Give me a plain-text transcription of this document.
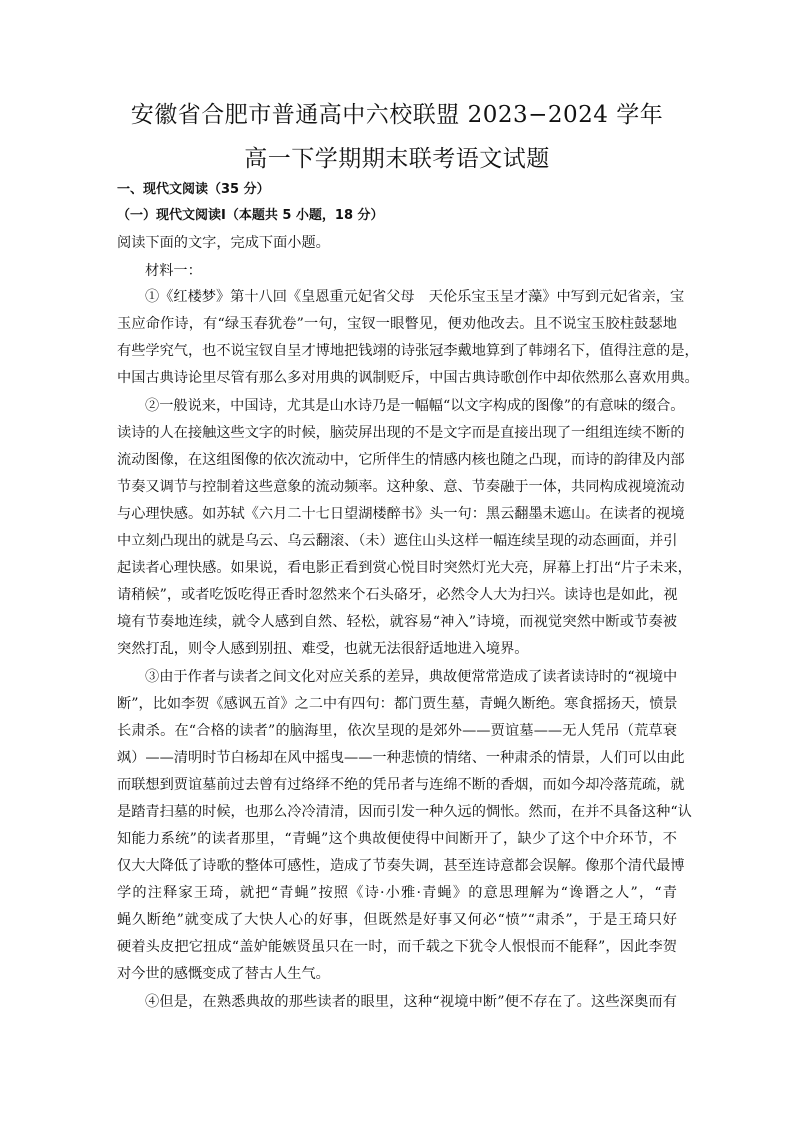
安徽省合肥市普通高中六校联盟 2023−2024 学年
高一下学期期末联考语文试题
一、现代文阅读（35 分）
（一）现代文阅读Ⅰ（本题共 5 小题，18 分）
阅读下面的文字，完成下面小题。
材料一：
①《红楼梦》第十八回《皇恩重元妃省父母　天伦乐宝玉呈才藻》中写到元妃省亲，宝
玉应命作诗，有“绿玉春犹卷”一句，宝钗一眼瞥见，便劝他改去。且不说宝玉胶柱鼓瑟地
有些学究气，也不说宝钗自呈才博地把钱翊的诗张冠李戴地算到了韩翊名下，值得注意的是，
中国古典诗论里尽管有那么多对用典的讽制贬斥，中国古典诗歌创作中却依然那么喜欢用典。
②一般说来，中国诗，尤其是山水诗乃是一幅幅“以文字构成的图像”的有意味的缀合。
读诗的人在接触这些文字的时候，脑荧屏出现的不是文字而是直接出现了一组组连续不断的
流动图像，在这组图像的依次流动中，它所伴生的情感内核也随之凸现，而诗的韵律及内部
节奏又调节与控制着这些意象的流动频率。这种象、意、节奏融于一体，共同构成视境流动
与心理快感。如苏轼《六月二十七日望湖楼醉书》头一句：黑云翻墨未遮山。在读者的视境
中立刻凸现出的就是乌云、乌云翻滚、（未）遮住山头这样一幅连续呈现的动态画面，并引
起读者心理快感。如果说，看电影正看到赏心悦目时突然灯光大亮，屏幕上打出“片子未来，
请稍候”，或者吃饭吃得正香时忽然来个石头硌牙，必然令人大为扫兴。读诗也是如此，视
境有节奏地连续，就令人感到自然、轻松，就容易“神入”诗境，而视觉突然中断或节奏被
突然打乱，则令人感到别扭、难受，也就无法很舒适地进入境界。
③由于作者与读者之间文化对应关系的差异，典故便常常造成了读者读诗时的“视境中
断”，比如李贺《感讽五首》之二中有四句：都门贾生墓，青蝇久断绝。寒食摇扬天，愤景
长肃杀。在“合格的读者”的脑海里，依次呈现的是郊外——贾谊墓——无人凭吊（荒草衰
飒）——清明时节白杨却在风中摇曳——一种悲愤的情绪、一种肃杀的情景，人们可以由此
而联想到贾谊墓前过去曾有过络绎不绝的凭吊者与连绵不断的香烟，而如今却冷落荒疏，就
是踏青扫墓的时候，也那么冷冷清清，因而引发一种久远的惆怅。然而，在并不具备这种“认
知能力系统”的读者那里，“青蝇”这个典故便使得中间断开了，缺少了这个中介环节，不
仅大大降低了诗歌的整体可感性，造成了节奏失调，甚至连诗意都会误解。像那个清代最博
学的注释家王琦，就把“青蝇”按照《诗·小雅·青蝇》的意思理解为“谗谮之人”，“青
蝇久断绝”就变成了大快人心的好事，但既然是好事又何必“愤”“肃杀”，于是王琦只好
硬着头皮把它扭成“盖妒能嫉贤虽只在一时，而千载之下犹令人恨恨而不能释”，因此李贺
对今世的感慨变成了替古人生气。
④但是，在熟悉典故的那些读者的眼里，这种“视境中断”便不存在了。这些深奥而有
